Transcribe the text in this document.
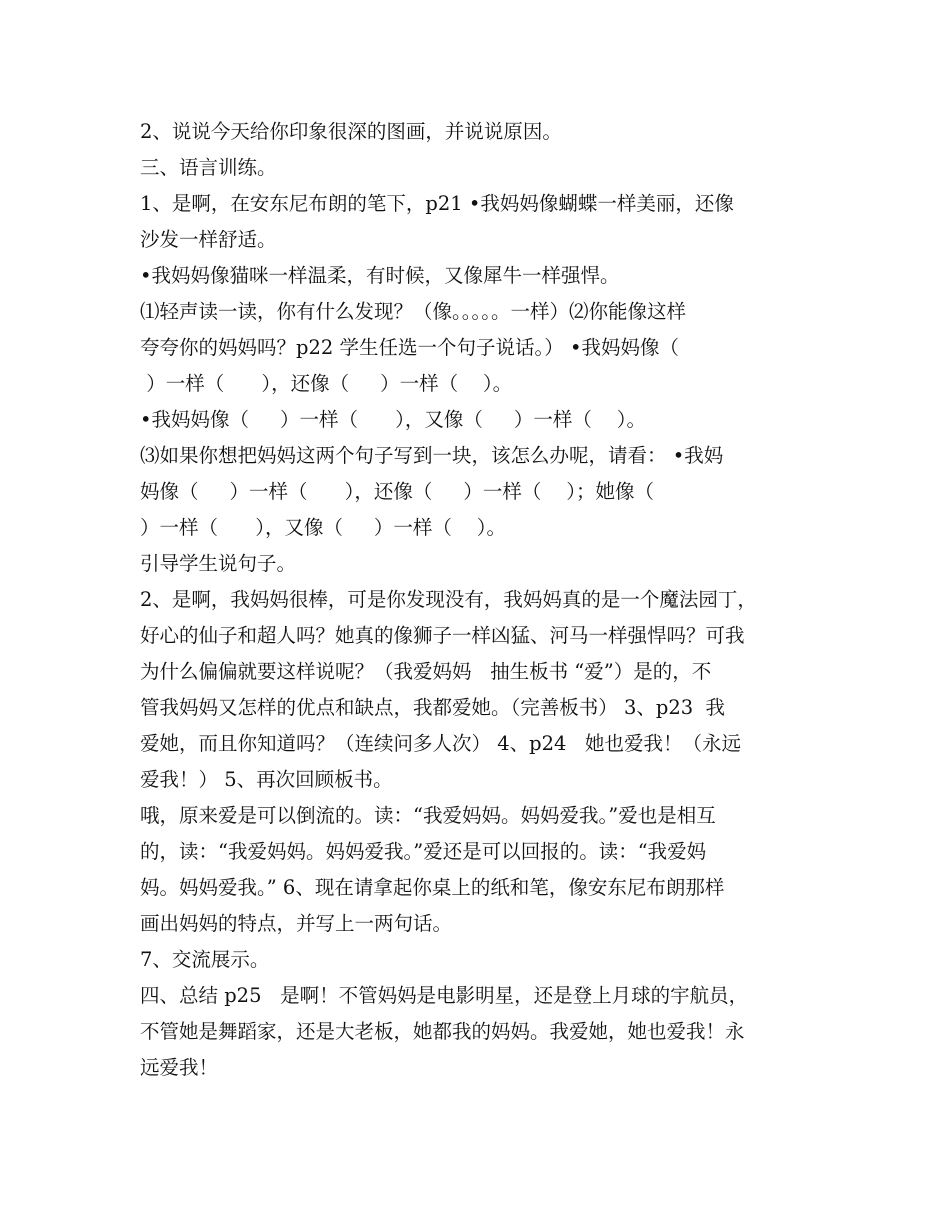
2、说说今天给你印象很深的图画，并说说原因。
三、语言训练。
1、是啊，在安东尼布朗的笔下，p21 •我妈妈像蝴蝶一样美丽，还像
沙发一样舒适。
•我妈妈像猫咪一样温柔，有时候，又像犀牛一样强悍。
⑴轻声读一读，你有什么发现？（像。。。。。一样）⑵你能像这样
夸夸你的妈妈吗？p22 学生任选一个句子说话。） •我妈妈像（
）一样（      ），还像（     ）一样（    ）。
•我妈妈像（     ）一样（      ），又像（     ）一样（    ）。
⑶如果你想把妈妈这两个句子写到一块，该怎么办呢，请看： •我妈
妈像（     ）一样（      ），还像（     ）一样（    ）；她像（
）一样（      ），又像（     ）一样（    ）。
引导学生说句子。
2、是啊，我妈妈很棒，可是你发现没有，我妈妈真的是一个魔法园丁，
好心的仙子和超人吗？她真的像狮子一样凶猛、河马一样强悍吗？可我
为什么偏偏就要这样说呢？（我爱妈妈   抽生板书 “爱”）是的，不
管我妈妈又怎样的优点和缺点，我都爱她。（完善板书） 3、p23  我
爱她，而且你知道吗？（连续问多人次） 4、p24   她也爱我！（永远
爱我！） 5、再次回顾板书。
哦，原来爱是可以倒流的。读：“我爱妈妈。妈妈爱我。”爱也是相互
的，读：“我爱妈妈。妈妈爱我。”爱还是可以回报的。读：“我爱妈
妈。妈妈爱我。” 6、现在请拿起你桌上的纸和笔，像安东尼布朗那样
画出妈妈的特点，并写上一两句话。
7、交流展示。
四、总结 p25   是啊！不管妈妈是电影明星，还是登上月球的宇航员，
不管她是舞蹈家，还是大老板，她都我的妈妈。我爱她，她也爱我！永
远爱我！
